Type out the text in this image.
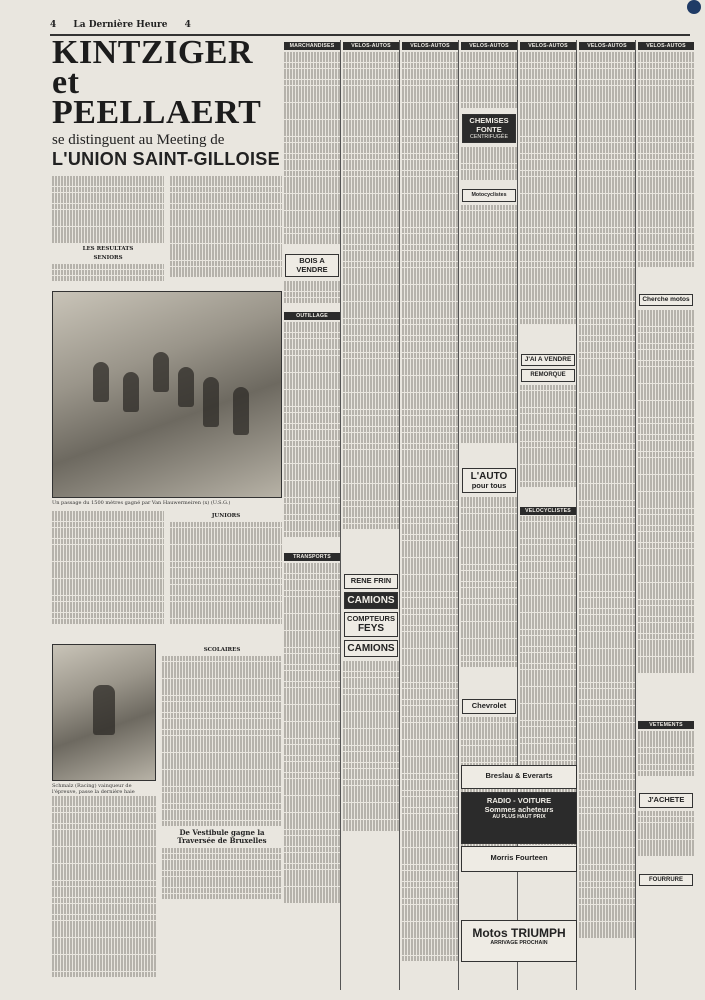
4 La Dernière Heure 4
KINTZIGER et
PEELLAERT
se distinguent au Meeting de
L'UNION SAINT-GILLOISE
LES RESULTATS
SENIORS
Un passage du 1500 mètres gagné par Van Hauwermeiren (x) (U.S.G.)
JUNIORS
Schmalz (Racing) vainqueur de l'épreuve, passe la dernière haie
SCOLAIRES
De Vestibule gagne la Traversée de Bruxelles
MARCHANDISES
BOIS A VENDRE
OUTILLAGE
TRANSPORTS
VELOS-AUTOS
RENE FRIN
CAMIONS
COMPTEURS
FEYS
CAMIONS
VELOS-AUTOS	VELOS-AUTOS
CHEMISES
FONTE
CENTRIFUGÉE
Motocyclistes
L'AUTO
pour tous
Chevrolet
VELOS-AUTOS
J'AI A VENDRE
REMORQUE
VELOCYCLISTES
VELOS-AUTOS	VELOS-AUTOS
Cherche motos
VETEMENTS
J'ACHETE
FOURRURE
Breslau & Everarts
RADIO - VOITURE
Sommes acheteurs
AU PLUS HAUT PRIX
Morris Fourteen
Motos TRIUMPH
ARRIVAGE PROCHAIN
